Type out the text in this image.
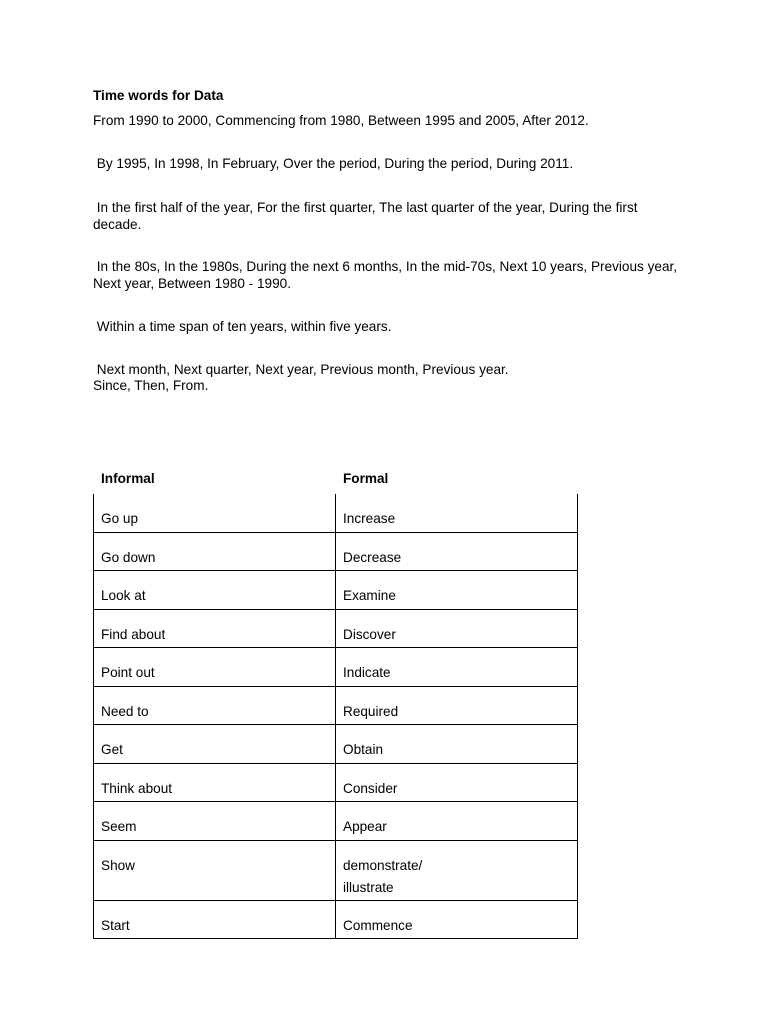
Time words for Data
From 1990 to 2000, Commencing from 1980, Between 1995 and 2005, After 2012.
By 1995, In 1998, In February, Over the period, During the period, During 2011.
In the first half of the year, For the first quarter, The last quarter of the year, During the first decade.
In the 80s, In the 1980s, During the next 6 months, In the mid-70s, Next 10 years, Previous year, Next year, Between 1980 - 1990.
Within a time span of ten years, within five years.
Next month, Next quarter, Next year, Previous month, Previous year.
Since, Then, From.
Informal	Formal
Go up	Increase
Go down	Decrease
Look at	Examine
Find about	Discover
Point out	Indicate
Need to	Required
Get	Obtain
Think about	Consider
Seem	Appear
Show	demonstrate/
illustrate
Start	Commence
